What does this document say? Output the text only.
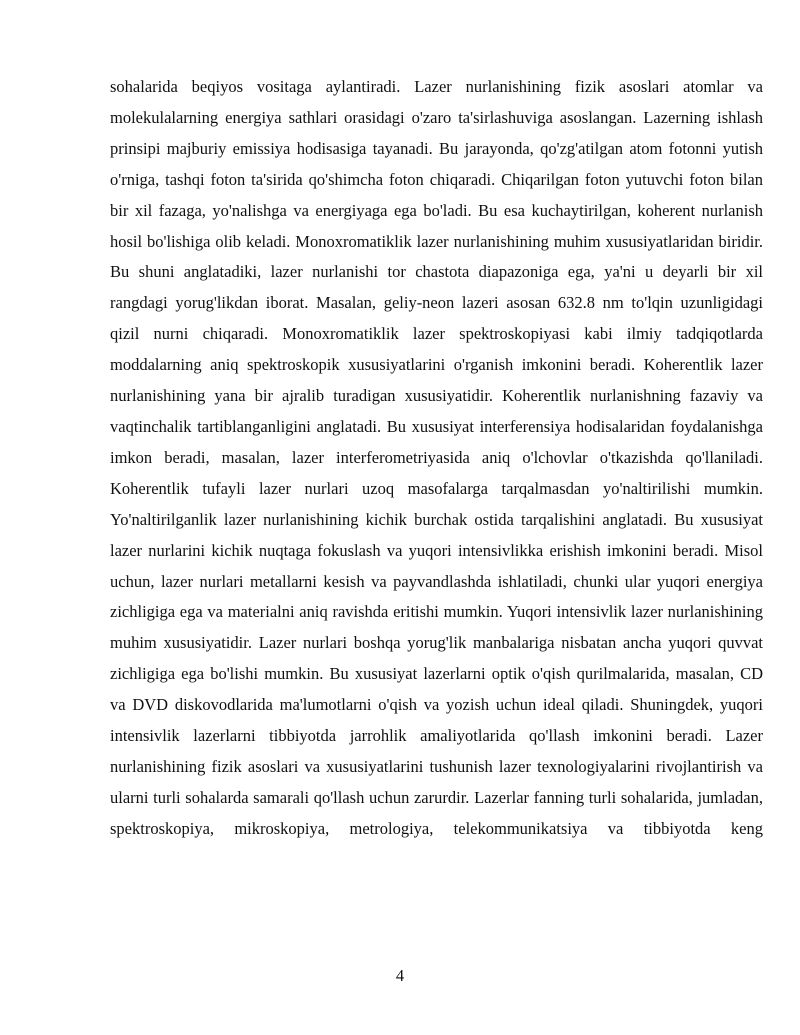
sohalarida beqiyos vositaga aylantiradi. Lazer nurlanishining fizik asoslari atomlar va molekulalarning energiya sathlari orasidagi o'zaro ta'sirlashuviga asoslangan. Lazerning ishlash prinsipi majburiy emissiya hodisasiga tayanadi. Bu jarayonda, qo'zg'atilgan atom fotonni yutish o'rniga, tashqi foton ta'sirida qo'shimcha foton chiqaradi. Chiqarilgan foton yutuvchi foton bilan bir xil fazaga, yo'nalishga va energiyaga ega bo'ladi. Bu esa kuchaytirilgan, koherent nurlanish hosil bo'lishiga olib keladi. Monoxromatiklik lazer nurlanishining muhim xususiyatlaridan biridir. Bu shuni anglatadiki, lazer nurlanishi tor chastota diapazoniga ega, ya'ni u deyarli bir xil rangdagi yorug'likdan iborat. Masalan, geliy-neon lazeri asosan 632.8 nm to'lqin uzunligidagi qizil nurni chiqaradi. Monoxromatiklik lazer spektroskopiyasi kabi ilmiy tadqiqotlarda moddalarning aniq spektroskopik xususiyatlarini o'rganish imkonini beradi. Koherentlik lazer nurlanishining yana bir ajralib turadigan xususiyatidir. Koherentlik nurlanishning fazaviy va vaqtinchalik tartiblanganligini anglatadi. Bu xususiyat interferensiya hodisalaridan foydalanishga imkon beradi, masalan, lazer interferometriyasida aniq o'lchovlar o'tkazishda qo'llaniladi. Koherentlik tufayli lazer nurlari uzoq masofalarga tarqalmasdan yo'naltirilishi mumkin. Yo'naltirilganlik lazer nurlanishining kichik burchak ostida tarqalishini anglatadi. Bu xususiyat lazer nurlarini kichik nuqtaga fokuslash va yuqori intensivlikka erishish imkonini beradi. Misol uchun, lazer nurlari metallarni kesish va payvandlashda ishlatiladi, chunki ular yuqori energiya zichligiga ega va materialni aniq ravishda eritishi mumkin. Yuqori intensivlik lazer nurlanishining muhim xususiyatidir. Lazer nurlari boshqa yorug'lik manbalariga nisbatan ancha yuqori quvvat zichligiga ega bo'lishi mumkin. Bu xususiyat lazerlarni optik o'qish qurilmalarida, masalan, CD va DVD diskovodlarida ma'lumotlarni o'qish va yozish uchun ideal qiladi. Shuningdek, yuqori intensivlik lazerlarni tibbiyotda jarrohlik amaliyotlarida qo'llash imkonini beradi. Lazer nurlanishining fizik asoslari va xususiyatlarini tushunish lazer texnologiyalarini rivojlantirish va ularni turli sohalarda samarali qo'llash uchun zarurdir. Lazerlar fanning turli sohalarida, jumladan, spektroskopiya, mikroskopiya, metrologiya, telekommunikatsiya va tibbiyotda keng

4
